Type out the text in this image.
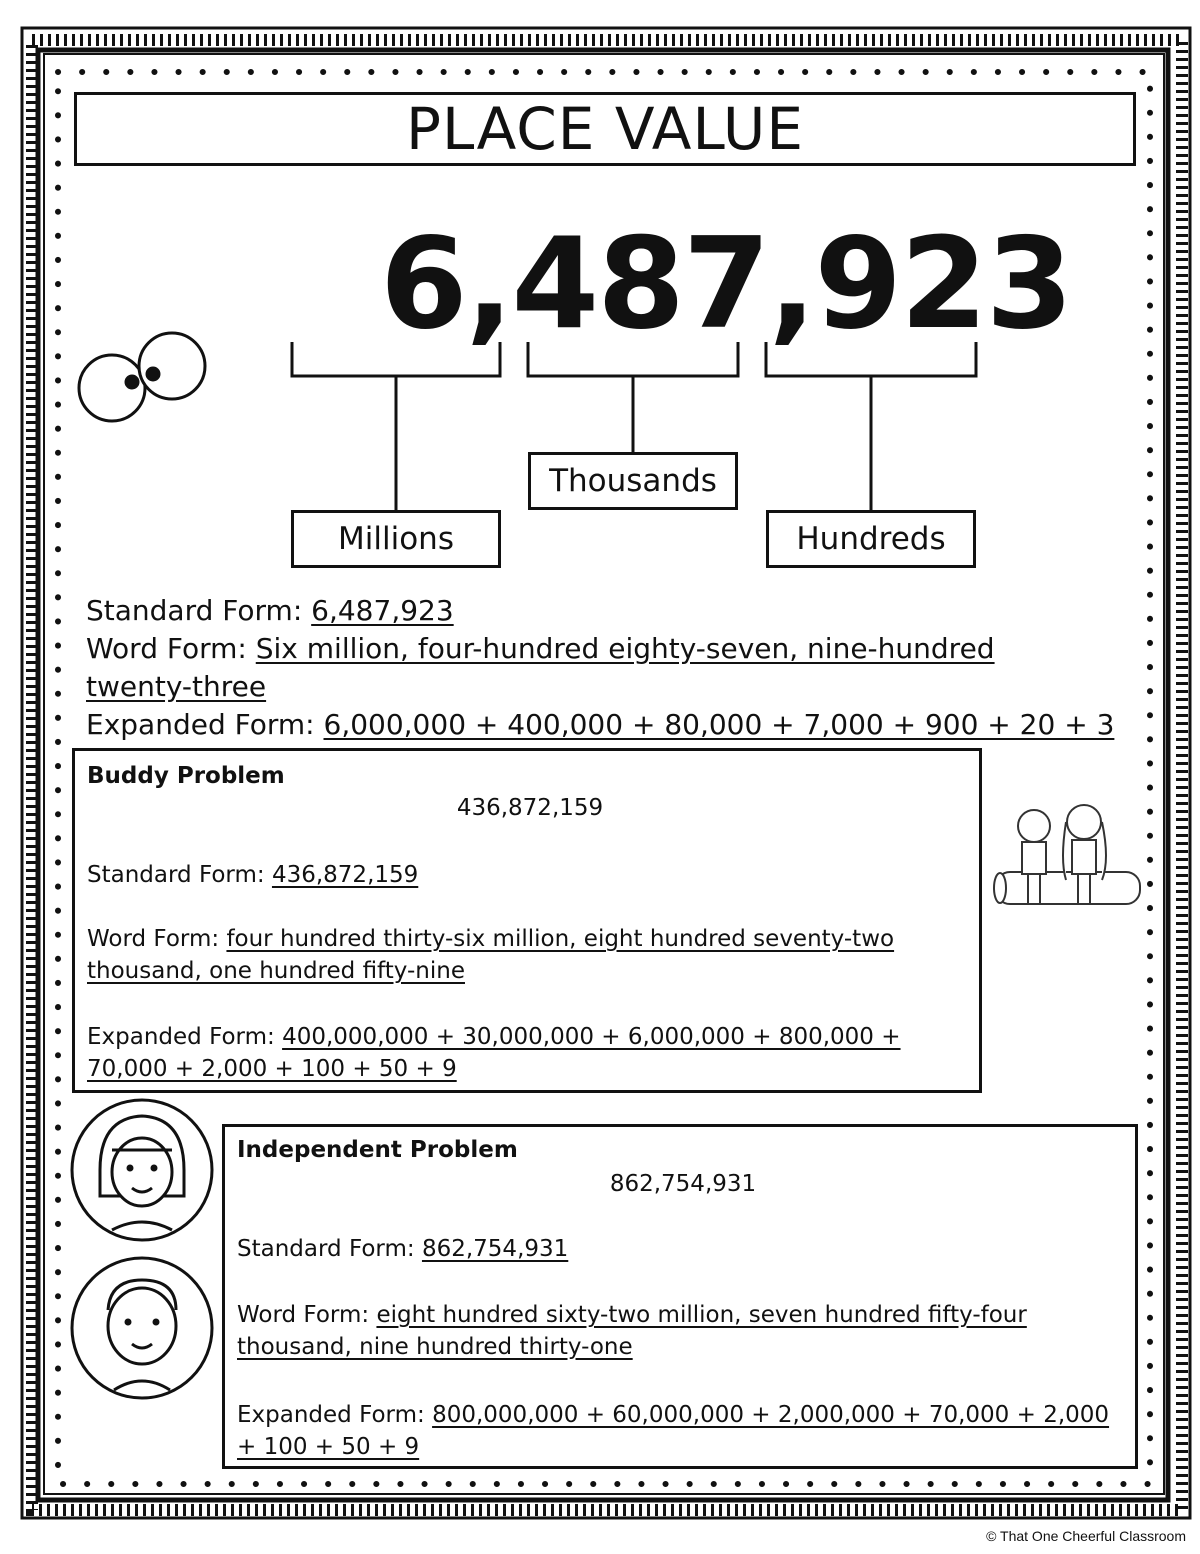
PLACE VALUE
6,487,923
Millions
Thousands
Hundreds
Standard Form: 6,487,923
Word Form: Six million, four-hundred eighty-seven, nine-hundred twenty-three
Expanded Form: 6,000,000 + 400,000 + 80,000 + 7,000 + 900 + 20 + 3
Buddy Problem
436,872,159
Standard Form: 436,872,159
Word Form: four hundred thirty-six million, eight hundred seventy-two thousand, one hundred fifty-nine
Expanded Form: 400,000,000 + 30,000,000 + 6,000,000 + 800,000 + 70,000 + 2,000 + 100 + 50 + 9
Independent Problem
862,754,931
Standard Form: 862,754,931
Word Form: eight hundred sixty-two million, seven hundred fifty-four thousand, nine hundred thirty-one
Expanded Form: 800,000,000 + 60,000,000 + 2,000,000 + 70,000 + 2,000 + 100 + 50 + 9
© That One Cheerful Classroom
